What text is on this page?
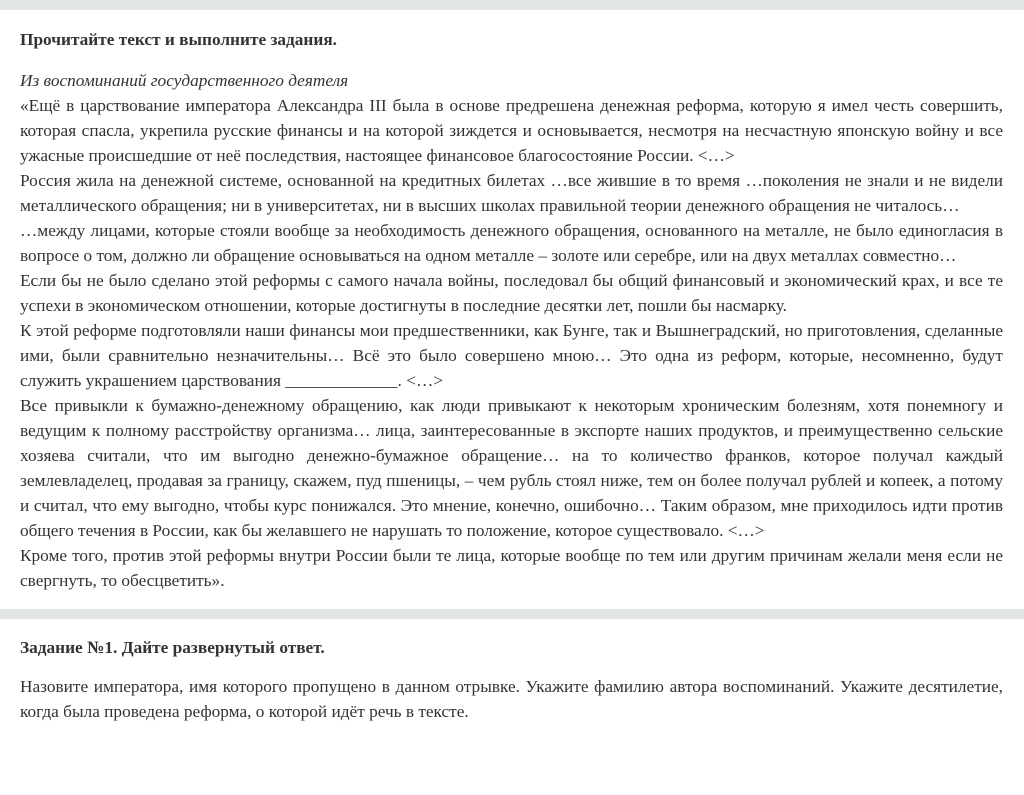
Прочитайте текст и выполните задания.
Из воспоминаний государственного деятеля

«Ещё в царствование императора Александра III была в основе предрешена денежная реформа, которую я имел честь совершить, которая спасла, укрепила русские финансы и на которой зиждется и основывается, несмотря на несчастную японскую войну и все ужасные происшедшие от неё последствия, настоящее финансовое благосостояние России. <…>

Россия жила на денежной системе, основанной на кредитных билетах …все жившие в то время …поколения не знали и не видели металлического обращения; ни в университетах, ни в высших школах правильной теории денежного обращения не читалось…

…между лицами, которые стояли вообще за необходимость денежного обращения, основанного на металле, не было единогласия в вопросе о том, должно ли обращение основываться на одном металле – золоте или серебре, или на двух металлах совместно…

Если бы не было сделано этой реформы с самого начала войны, последовал бы общий финансовый и экономический крах, и все те успехи в экономическом отношении, которые достигнуты в последние десятки лет, пошли бы насмарку.

К этой реформе подготовляли наши финансы мои предшественники, как Бунге, так и Вышнеградский, но приготовления, сделанные ими, были сравнительно незначительны… Всё это было совершено мною… Это одна из реформ, которые, несомненно, будут служить украшением царствования _____________. <…>

Все привыкли к бумажно-денежному обращению, как люди привыкают к некоторым хроническим болезням, хотя понемногу и ведущим к полному расстройству организма… лица, заинтересованные в экспорте наших продуктов, и преимущественно сельские хозяева считали, что им выгодно денежно-бумажное обращение… на то количество франков, которое получал каждый землевладелец, продавая за границу, скажем, пуд пшеницы, – чем рубль стоял ниже, тем он более получал рублей и копеек, а потому и считал, что ему выгодно, чтобы курс понижался. Это мнение, конечно, ошибочно… Таким образом, мне приходилось идти против общего течения в России, как бы желавшего не нарушать то положение, которое существовало. <…>

Кроме того, против этой реформы внутри России были те лица, которые вообще по тем или другим причинам желали меня если не свергнуть, то обесцветить».

Задание №1. Дайте развернутый ответ.

Назовите императора, имя которого пропущено в данном отрывке. Укажите фамилию автора воспоминаний. Укажите десятилетие, когда была проведена реформа, о которой идёт речь в тексте.
